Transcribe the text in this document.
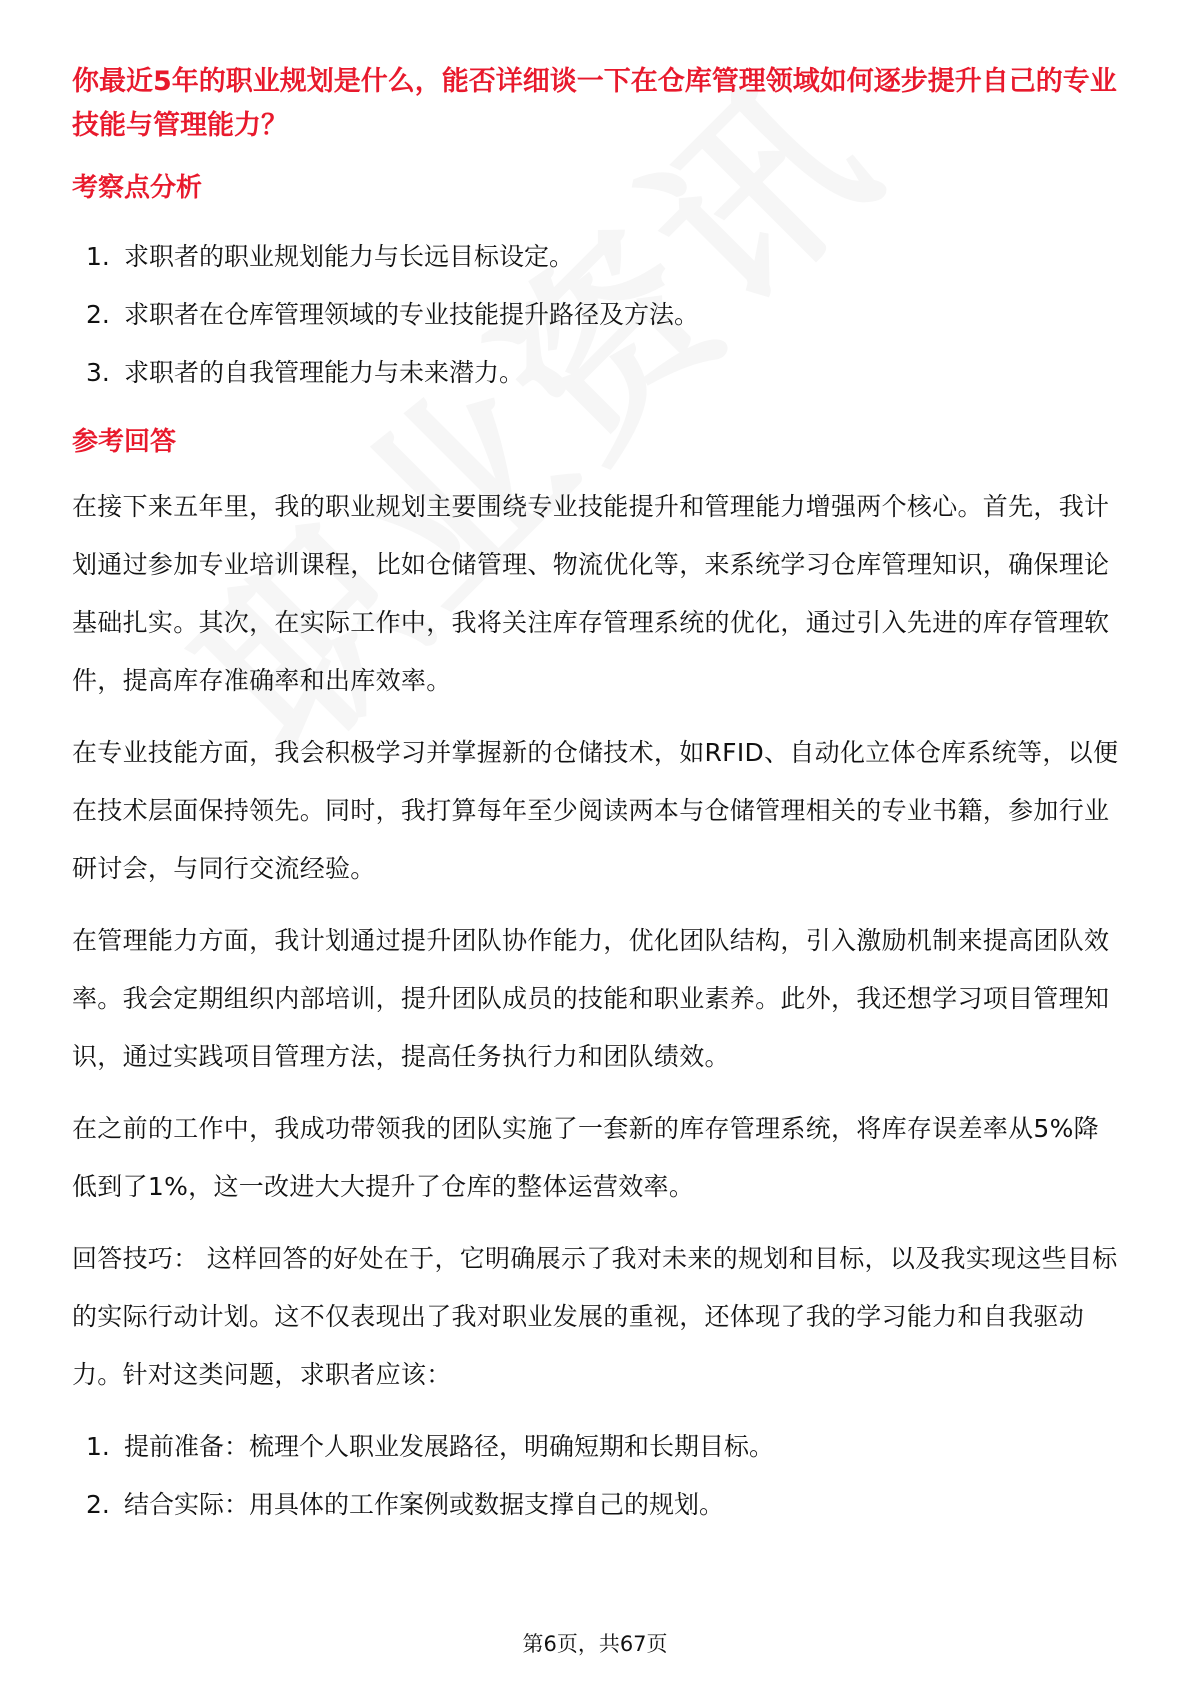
你最近5年的职业规划是什么，能否详细谈一下在仓库管理领域如何逐步提升自己的专业技能与管理能力？
考察点分析
1. 求职者的职业规划能力与长远目标设定。
2. 求职者在仓库管理领域的专业技能提升路径及方法。
3. 求职者的自我管理能力与未来潜力。
参考回答

在接下来五年里，我的职业规划主要围绕专业技能提升和管理能力增强两个核心。首先，我计划通过参加专业培训课程，比如仓储管理、物流优化等，来系统学习仓库管理知识，确保理论基础扎实。其次，在实际工作中，我将关注库存管理系统的优化，通过引入先进的库存管理软件，提高库存准确率和出库效率。

在专业技能方面，我会积极学习并掌握新的仓储技术，如RFID、自动化立体仓库系统等，以便在技术层面保持领先。同时，我打算每年至少阅读两本与仓储管理相关的专业书籍，参加行业研讨会，与同行交流经验。

在管理能力方面，我计划通过提升团队协作能力，优化团队结构，引入激励机制来提高团队效率。我会定期组织内部培训，提升团队成员的技能和职业素养。此外，我还想学习项目管理知识，通过实践项目管理方法，提高任务执行力和团队绩效。

在之前的工作中，我成功带领我的团队实施了一套新的库存管理系统，将库存误差率从5%降低到了1%，这一改进大大提升了仓库的整体运营效率。

回答技巧： 这样回答的好处在于，它明确展示了我对未来的规划和目标，以及我实现这些目标的实际行动计划。这不仅表现出了我对职业发展的重视，还体现了我的学习能力和自我驱动力。针对这类问题，求职者应该：

1. 提前准备：梳理个人职业发展路径，明确短期和长期目标。
2. 结合实际：用具体的工作案例或数据支撑自己的规划。
第6页，共67页
